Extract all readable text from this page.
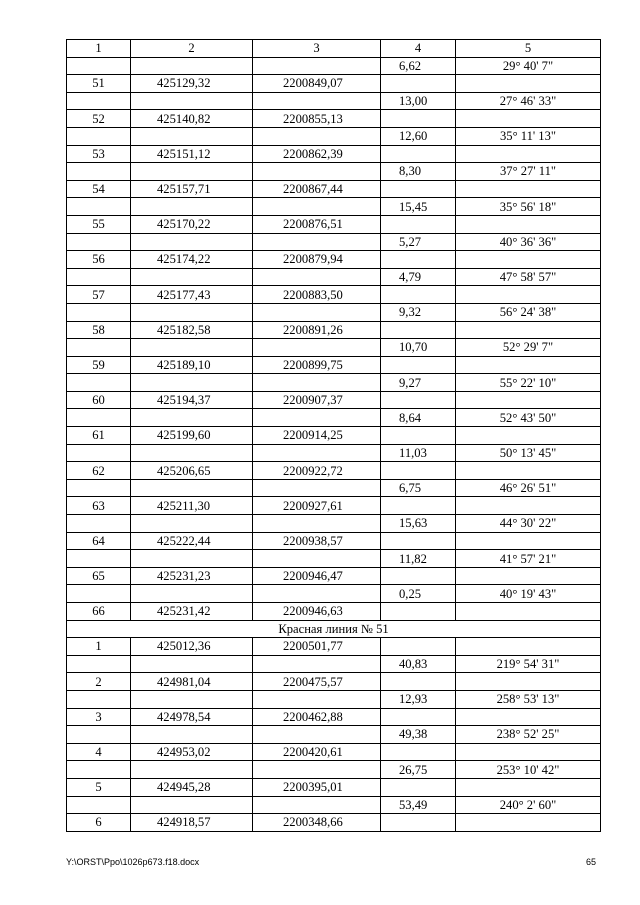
1	2	3	4	5
			6,62	29° 40' 7"
51	425129,32	2200849,07		
			13,00	27° 46' 33"
52	425140,82	2200855,13		
			12,60	35° 11' 13"
53	425151,12	2200862,39		
			8,30	37° 27' 11"
54	425157,71	2200867,44		
			15,45	35° 56' 18"
55	425170,22	2200876,51		
			5,27	40° 36' 36"
56	425174,22	2200879,94		
			4,79	47° 58' 57"
57	425177,43	2200883,50		
			9,32	56° 24' 38"
58	425182,58	2200891,26		
			10,70	52° 29' 7"
59	425189,10	2200899,75		
			9,27	55° 22' 10"
60	425194,37	2200907,37		
			8,64	52° 43' 50"
61	425199,60	2200914,25		
			11,03	50° 13' 45"
62	425206,65	2200922,72		
			6,75	46° 26' 51"
63	425211,30	2200927,61		
			15,63	44° 30' 22"
64	425222,44	2200938,57		
			11,82	41° 57' 21"
65	425231,23	2200946,47		
			0,25	40° 19' 43"
66	425231,42	2200946,63		
Красная линия № 51				
1	425012,36	2200501,77		
			40,83	219° 54' 31"
2	424981,04	2200475,57		
			12,93	258° 53' 13"
3	424978,54	2200462,88		
			49,38	238° 52' 25"
4	424953,02	2200420,61		
			26,75	253° 10' 42"
5	424945,28	2200395,01		
			53,49	240° 2' 60"
6	424918,57	2200348,66		
Y:\ORST\Ppo\1026p673.f18.docx	65
